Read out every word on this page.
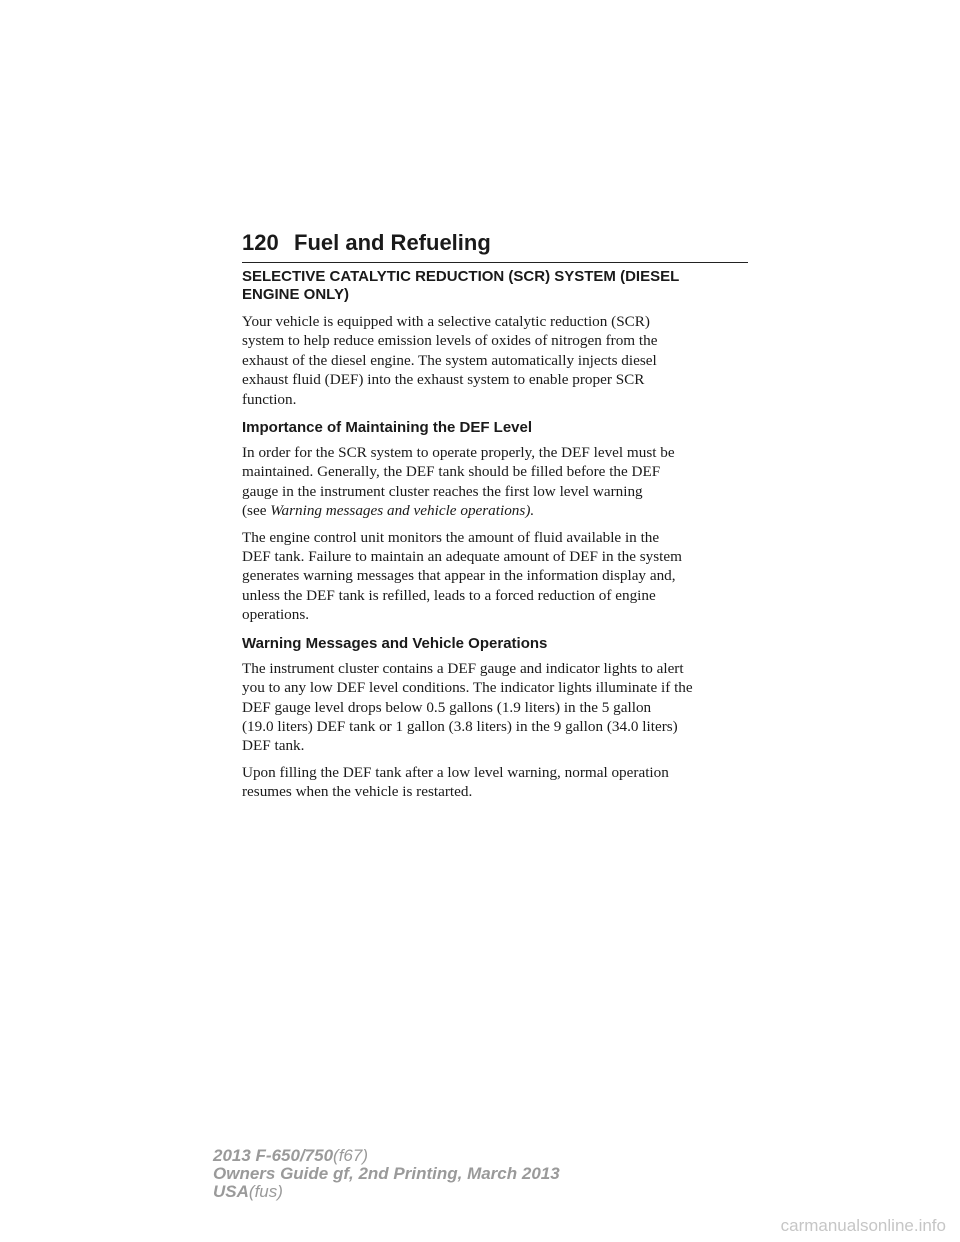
120 Fuel and Refueling
SELECTIVE CATALYTIC REDUCTION (SCR) SYSTEM (DIESEL
ENGINE ONLY)

Your vehicle is equipped with a selective catalytic reduction (SCR)
system to help reduce emission levels of oxides of nitrogen from the
exhaust of the diesel engine. The system automatically injects diesel
exhaust fluid (DEF) into the exhaust system to enable proper SCR
function.

Importance of Maintaining the DEF Level

In order for the SCR system to operate properly, the DEF level must be
maintained. Generally, the DEF tank should be filled before the DEF
gauge in the instrument cluster reaches the first low level warning
(see Warning messages and vehicle operations).

The engine control unit monitors the amount of fluid available in the
DEF tank. Failure to maintain an adequate amount of DEF in the system
generates warning messages that appear in the information display and,
unless the DEF tank is refilled, leads to a forced reduction of engine
operations.

Warning Messages and Vehicle Operations

The instrument cluster contains a DEF gauge and indicator lights to alert
you to any low DEF level conditions. The indicator lights illuminate if the
DEF gauge level drops below 0.5 gallons (1.9 liters) in the 5 gallon
(19.0 liters) DEF tank or 1 gallon (3.8 liters) in the 9 gallon (34.0 liters)
DEF tank.

Upon filling the DEF tank after a low level warning, normal operation
resumes when the vehicle is restarted.

2013 F-650/750(f67)
Owners Guide gf, 2nd Printing, March 2013
USA(fus)
carmanualsonline.info
